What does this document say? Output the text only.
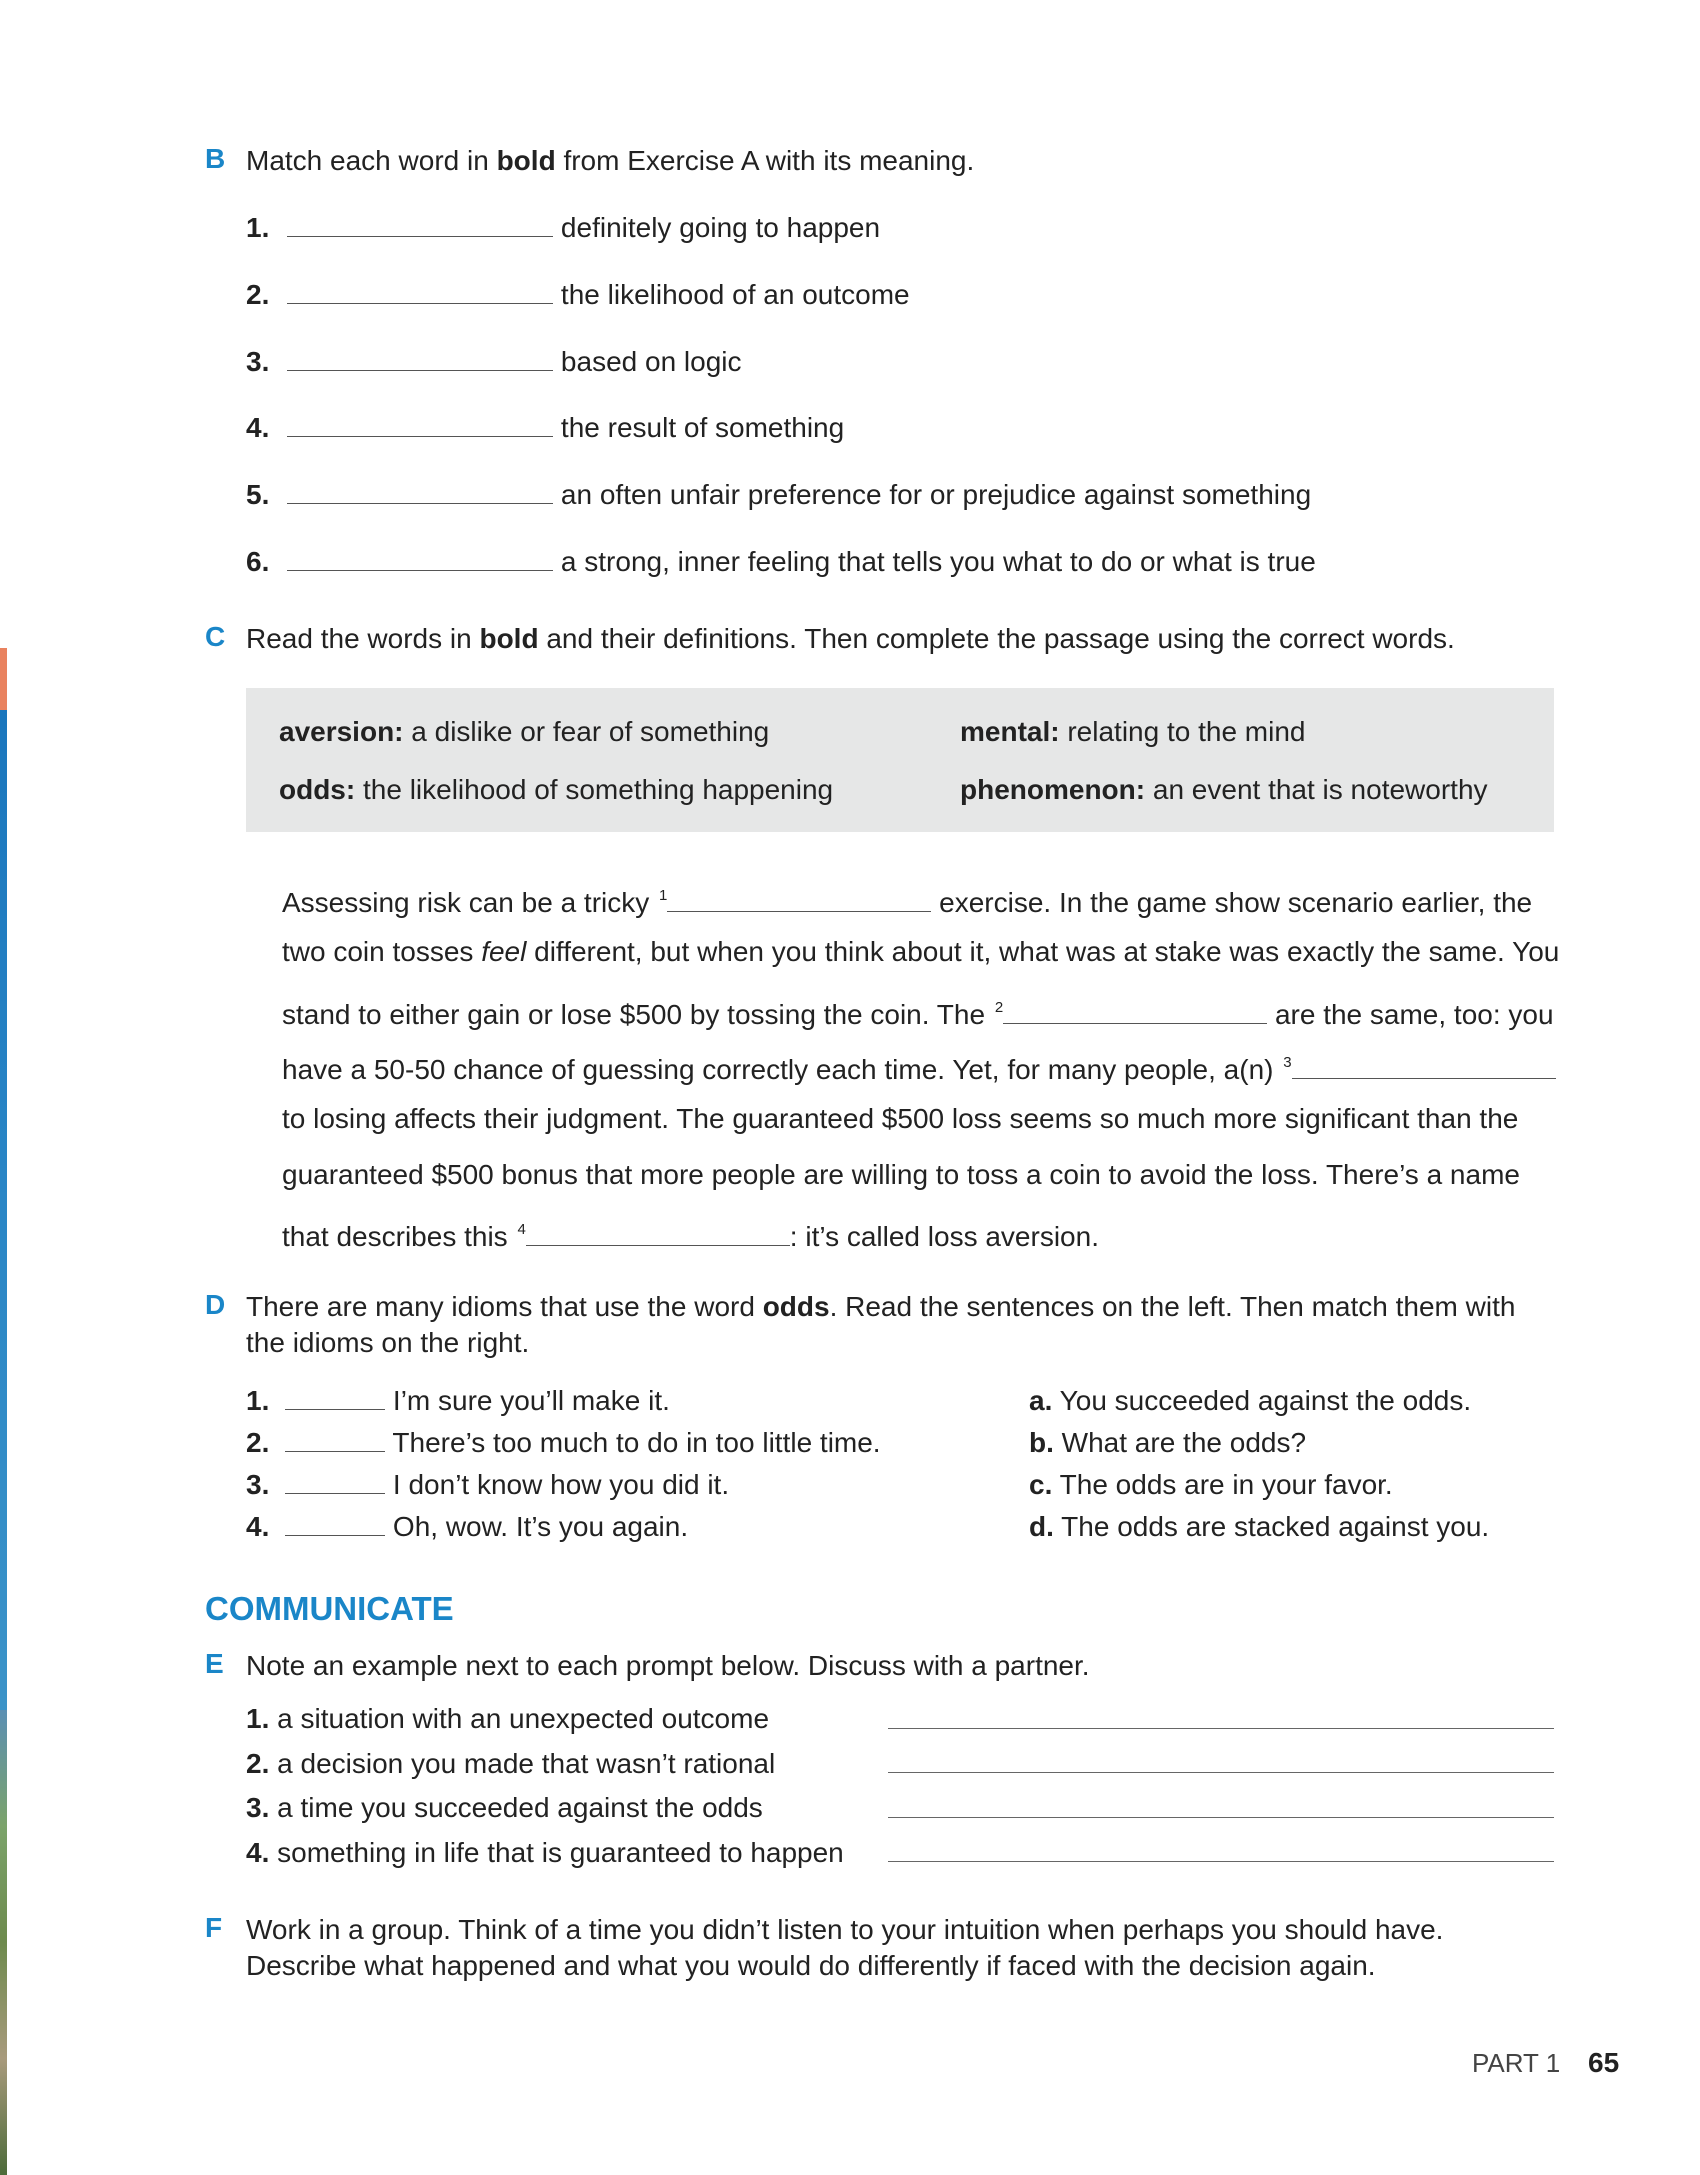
B Match each word in bold from Exercise A with its meaning.
1.	definitely going to happen
2.	the likelihood of an outcome
3.	based on logic
4.	the result of something
5.	an often unfair preference for or prejudice against something
6.	a strong, inner feeling that tells you what to do or what is true
C Read the words in bold and their definitions. Then complete the passage using the correct words.
aversion: a dislike or fear of something	mental: relating to the mind
odds: the likelihood of something happening	phenomenon: an event that is noteworthy
Assessing risk can be a tricky $^1$	exercise. In the game show scenario earlier, the
two coin tosses feel different, but when you think about it, what was at stake was exactly the same. You
stand to either gain or lose $500 by tossing the coin. The $^2$	are the same, too: you
have a 50-50 chance of guessing correctly each time. Yet, for many people, a(n) $^3$
to losing affects their judgment. The guaranteed $500 loss seems so much more significant than the
guaranteed $500 bonus that more people are willing to toss a coin to avoid the loss. There’s a name
that describes this $^4$	: it’s called loss aversion.
D There are many idioms that use the word odds. Read the sentences on the left. Then match them with
the idioms on the right.
1.	I’m sure you’ll make it.
2.	There’s too much to do in too little time.
3.	I don’t know how you did it.
4.	Oh, wow. It’s you again.
a. You succeeded against the odds.
b. What are the odds?
c. The odds are in your favor.
d. The odds are stacked against you.
COMMUNICATE
E Note an example next to each prompt below. Discuss with a partner.
1. a situation with an unexpected outcome
2. a decision you made that wasn’t rational
3. a time you succeeded against the odds
4. something in life that is guaranteed to happen
F Work in a group. Think of a time you didn’t listen to your intuition when perhaps you should have.
Describe what happened and what you would do differently if faced with the decision again.
PART 1 65
